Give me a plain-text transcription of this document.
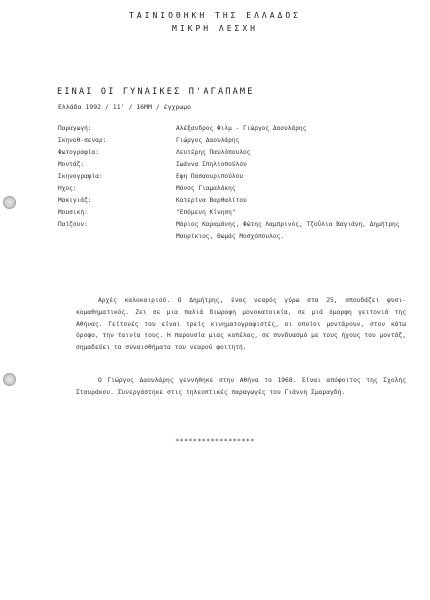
ΤΑΙΝΙΟΘΗΚΗ ΤΗΣ ΕΛΛΑΔΟΣ
ΜΙΚΡΗ ΛΕΣΧΗ
ΕΙΝΑΙ ΟΙ ΓΥΝΑΙΚΕΣ Π'ΑΓΑΠΑΜΕ
Ελλάδα 1992 / 11' / 16ΜΜ / έγχρωμο
Παραγωγή:	Αλέξανδρος Φιλμ - Γιώργος Δαουλάρης
Σκηνοθ-σεναρ:	Γιώργος Δαουλάρης
Φωτογραφία:	Λευτέρης Παυλόπουλος
Μοντάζ:	Ιωάννα Σπηλιοπούλου
Σκηνογραφία:	Εφη Πασαουριπούλου
Ηχος:	Μάνος Γιαμαλάκης
Μακιγιάζ:	Κατερίνα Βαρθαλίτου
Μουσική:	"Επόμενη Κίνηση"
Παίζουν:	Μάριος Καραμάνης, Φώτης Λαμπρινός, Τζοΰλια Βαγιάνη, Δημήτρης Μαυρίκιος, Θωμάς Μοσχόπουλος.
Αρχές καλοκαιριού. Ο Δημήτρης, ένας νεαρός γύρω στα 25, σπουδάζει φυσι-κομαθηματικός. Ζει σε μια παλιά διώροφη μονοκατοικία, σε μιά όμορφη γειτονιά της Αθήνας. Γείτονές του είναι τρείς κινηματογραφιστές, οι οποίοι μοντάρουν, στον κάτω όροφο, την ταινία τους. Η παρουσία μιας κοπέλας, σε συνδυασμό με τους ήχους του μοντάζ, σημαδεύει τα συναισθήματα του νεαρού φοιτητή.
Ο Γιώργος Δαουλάρης γεννήθηκε στην Αθήνα το 1968. Είναι απόφοιτος της Σχολής Σταυράκου. Συνεργάστηκε στις τηλεοπτικές παραγωγές του Γιάννη Σμαραγδή.
******************
